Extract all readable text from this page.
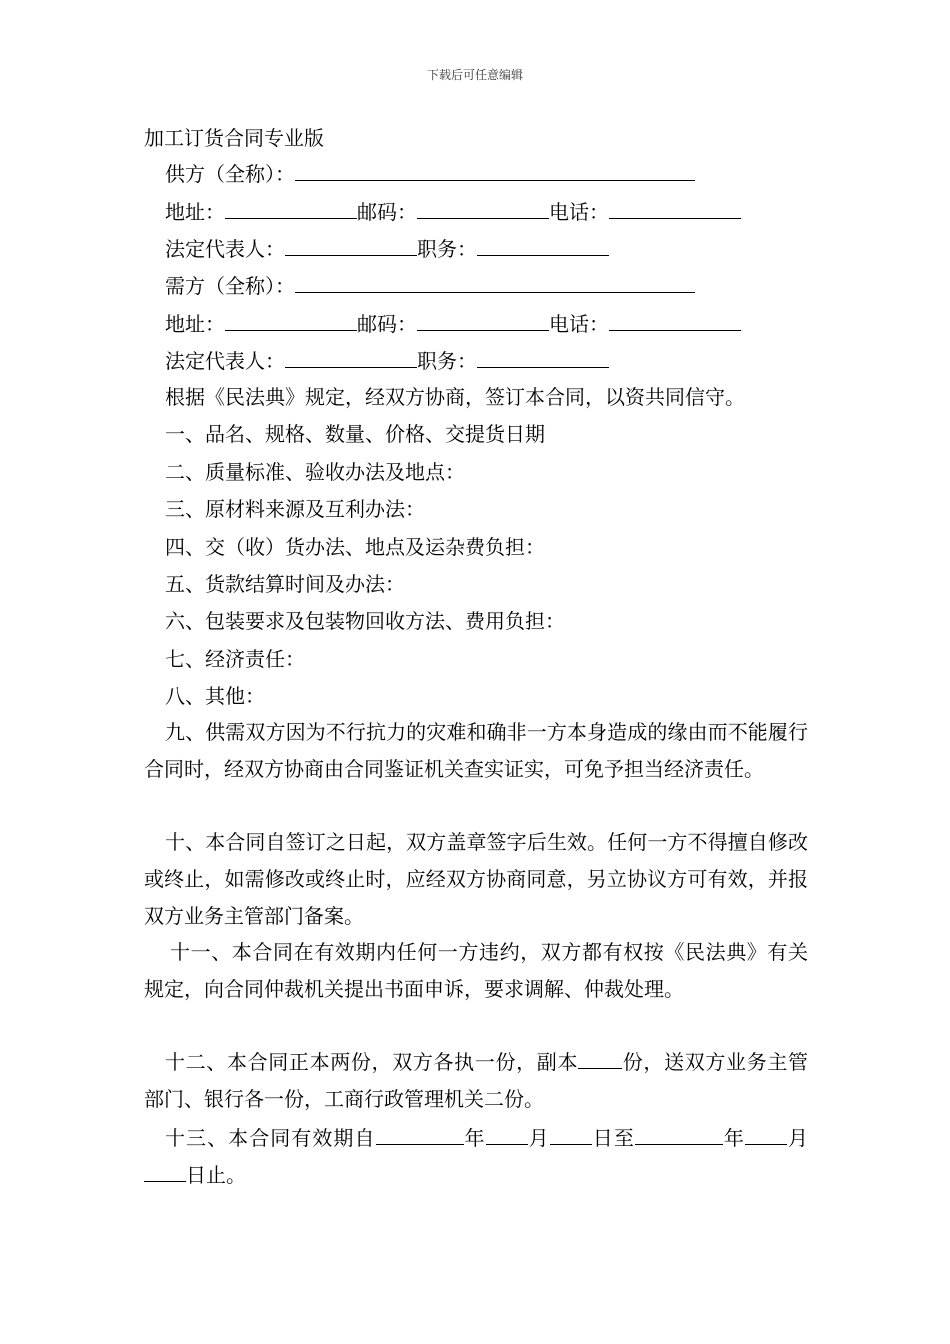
下载后可任意编辑
加工订货合同专业版
供方（全称）：
地址：	邮码：	电话：
法定代表人：	职务：
需方（全称）：
地址：	邮码：	电话：
法定代表人：	职务：
根据《民法典》规定，经双方协商，签订本合同，以资共同信守。
一、品名、规格、数量、价格、交提货日期
二、质量标准、验收办法及地点：
三、原材料来源及互利办法：
四、交（收）货办法、地点及运杂费负担：
五、货款结算时间及办法：
六、包装要求及包装物回收方法、费用负担：
七、经济责任：
八、其他：
九、供需双方因为不行抗力的灾难和确非一方本身造成的缘由而不能履行合同时，经双方协商由合同鉴证机关查实证实，可免予担当经济责任。
十、本合同自签订之日起，双方盖章签字后生效。任何一方不得擅自修改或终止，如需修改或终止时，应经双方协商同意，另立协议方可有效，并报双方业务主管部门备案。
十一、本合同在有效期内任何一方违约，双方都有权按《民法典》有关规定，向合同仲裁机关提出书面申诉，要求调解、仲裁处理。
十二、本合同正本两份，双方各执一份，副本 份，送双方业务主管部门、银行各一份，工商行政管理机关二份。
十三、本合同有效期自	年 月 日至	年 月日止。
